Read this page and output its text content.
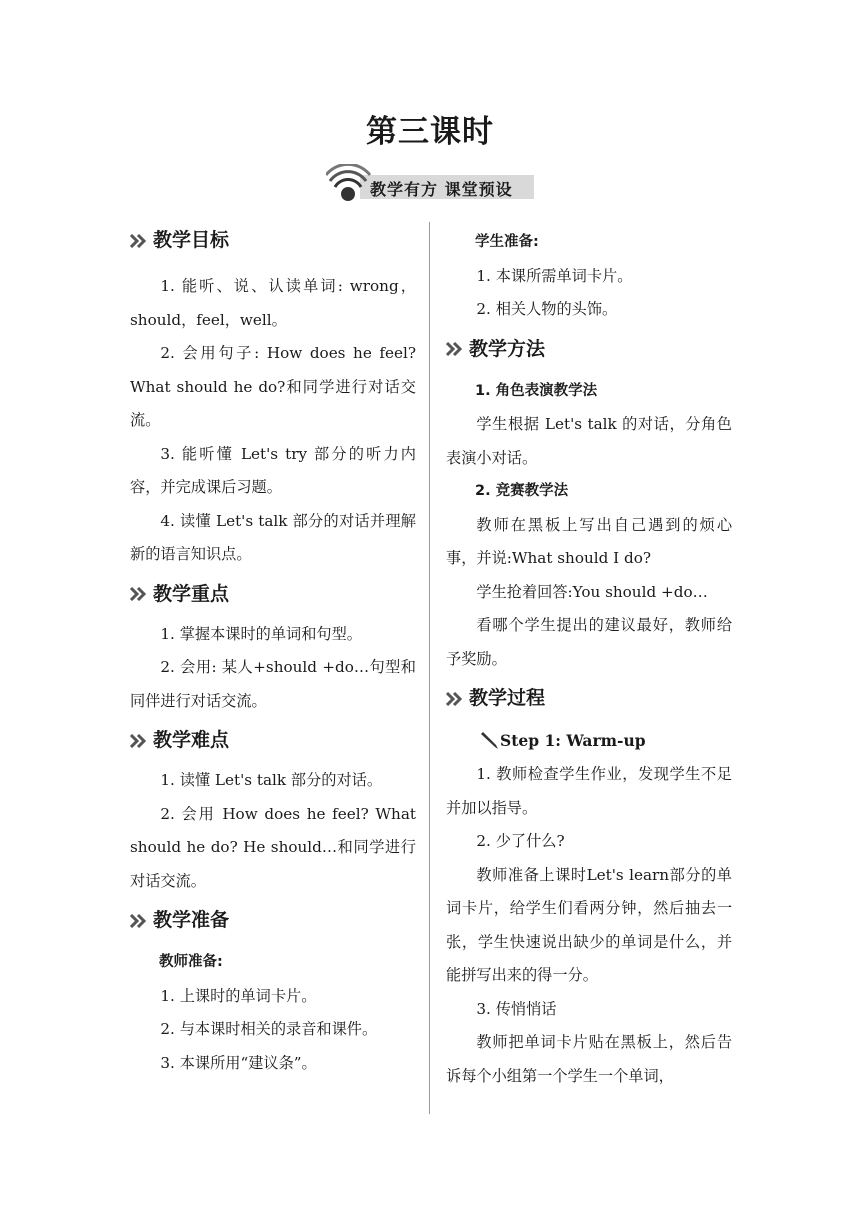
第三课时
教学有方 课堂预设
教学目标

1. 能听、说、认读单词: wrong，should，feel，well。

2. 会用句子: How does he feel? What should he do?和同学进行对话交流。

3. 能听懂 Let's try 部分的听力内容，并完成课后习题。

4. 读懂 Let's talk 部分的对话并理解新的语言知识点。

教学重点

1. 掌握本课时的单词和句型。

2. 会用: 某人+should +do…句型和同伴进行对话交流。

教学难点

1. 读懂 Let's talk 部分的对话。

2. 会用 How does he feel? What should he do? He should…和同学进行对话交流。

教学准备

教师准备:

1. 上课时的单词卡片。

2. 与本课时相关的录音和课件。

3. 本课所用“建议条”。

学生准备:

1. 本课所需单词卡片。

2. 相关人物的头饰。

教学方法

1. 角色表演教学法

学生根据 Let's talk 的对话，分角色表演小对话。

2. 竞赛教学法

教师在黑板上写出自己遇到的烦心事，并说:What should I do?

学生抢着回答:You should +do…

看哪个学生提出的建议最好，教师给予奖励。

教学过程
Step 1: Warm-up

1. 教师检查学生作业，发现学生不足并加以指导。

2. 少了什么?

教师准备上课时Let's learn部分的单词卡片，给学生们看两分钟，然后抽去一张，学生快速说出缺少的单词是什么，并能拼写出来的得一分。

3. 传悄悄话

教师把单词卡片贴在黑板上，然后告诉每个小组第一个学生一个单词，
